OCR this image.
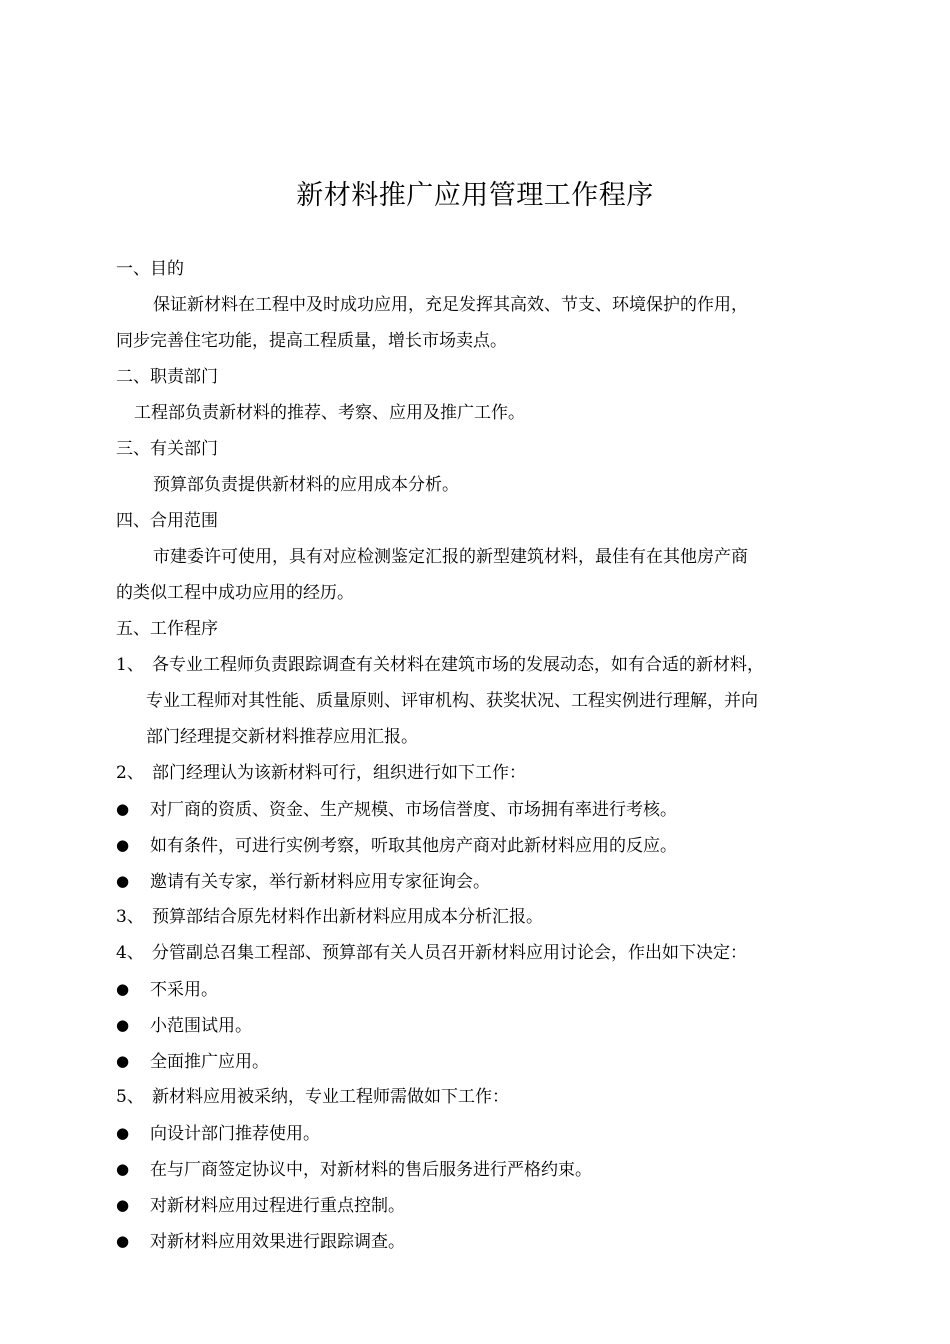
新材料推广应用管理工作程序

一、目的

保证新材料在工程中及时成功应用，充足发挥其高效、节支、环境保护的作用，

同步完善住宅功能，提高工程质量，增长市场卖点。

二、职责部门

工程部负责新材料的推荐、考察、应用及推广工作。

三、有关部门

预算部负责提供新材料的应用成本分析。

四、合用范围

市建委许可使用，具有对应检测鉴定汇报的新型建筑材料，最佳有在其他房产商

的类似工程中成功应用的经历。

五、工作程序

1、 各专业工程师负责跟踪调查有关材料在建筑市场的发展动态，如有合适的新材料，

专业工程师对其性能、质量原则、评审机构、获奖状况、工程实例进行理解，并向

部门经理提交新材料推荐应用汇报。

2、 部门经理认为该新材料可行，组织进行如下工作：

● 对厂商的资质、资金、生产规模、市场信誉度、市场拥有率进行考核。

● 如有条件，可进行实例考察，听取其他房产商对此新材料应用的反应。

● 邀请有关专家，举行新材料应用专家征询会。

3、 预算部结合原先材料作出新材料应用成本分析汇报。

4、 分管副总召集工程部、预算部有关人员召开新材料应用讨论会，作出如下决定：

● 不采用。

● 小范围试用。

● 全面推广应用。

5、 新材料应用被采纳，专业工程师需做如下工作：

● 向设计部门推荐使用。

● 在与厂商签定协议中，对新材料的售后服务进行严格约束。

● 对新材料应用过程进行重点控制。

● 对新材料应用效果进行跟踪调查。
